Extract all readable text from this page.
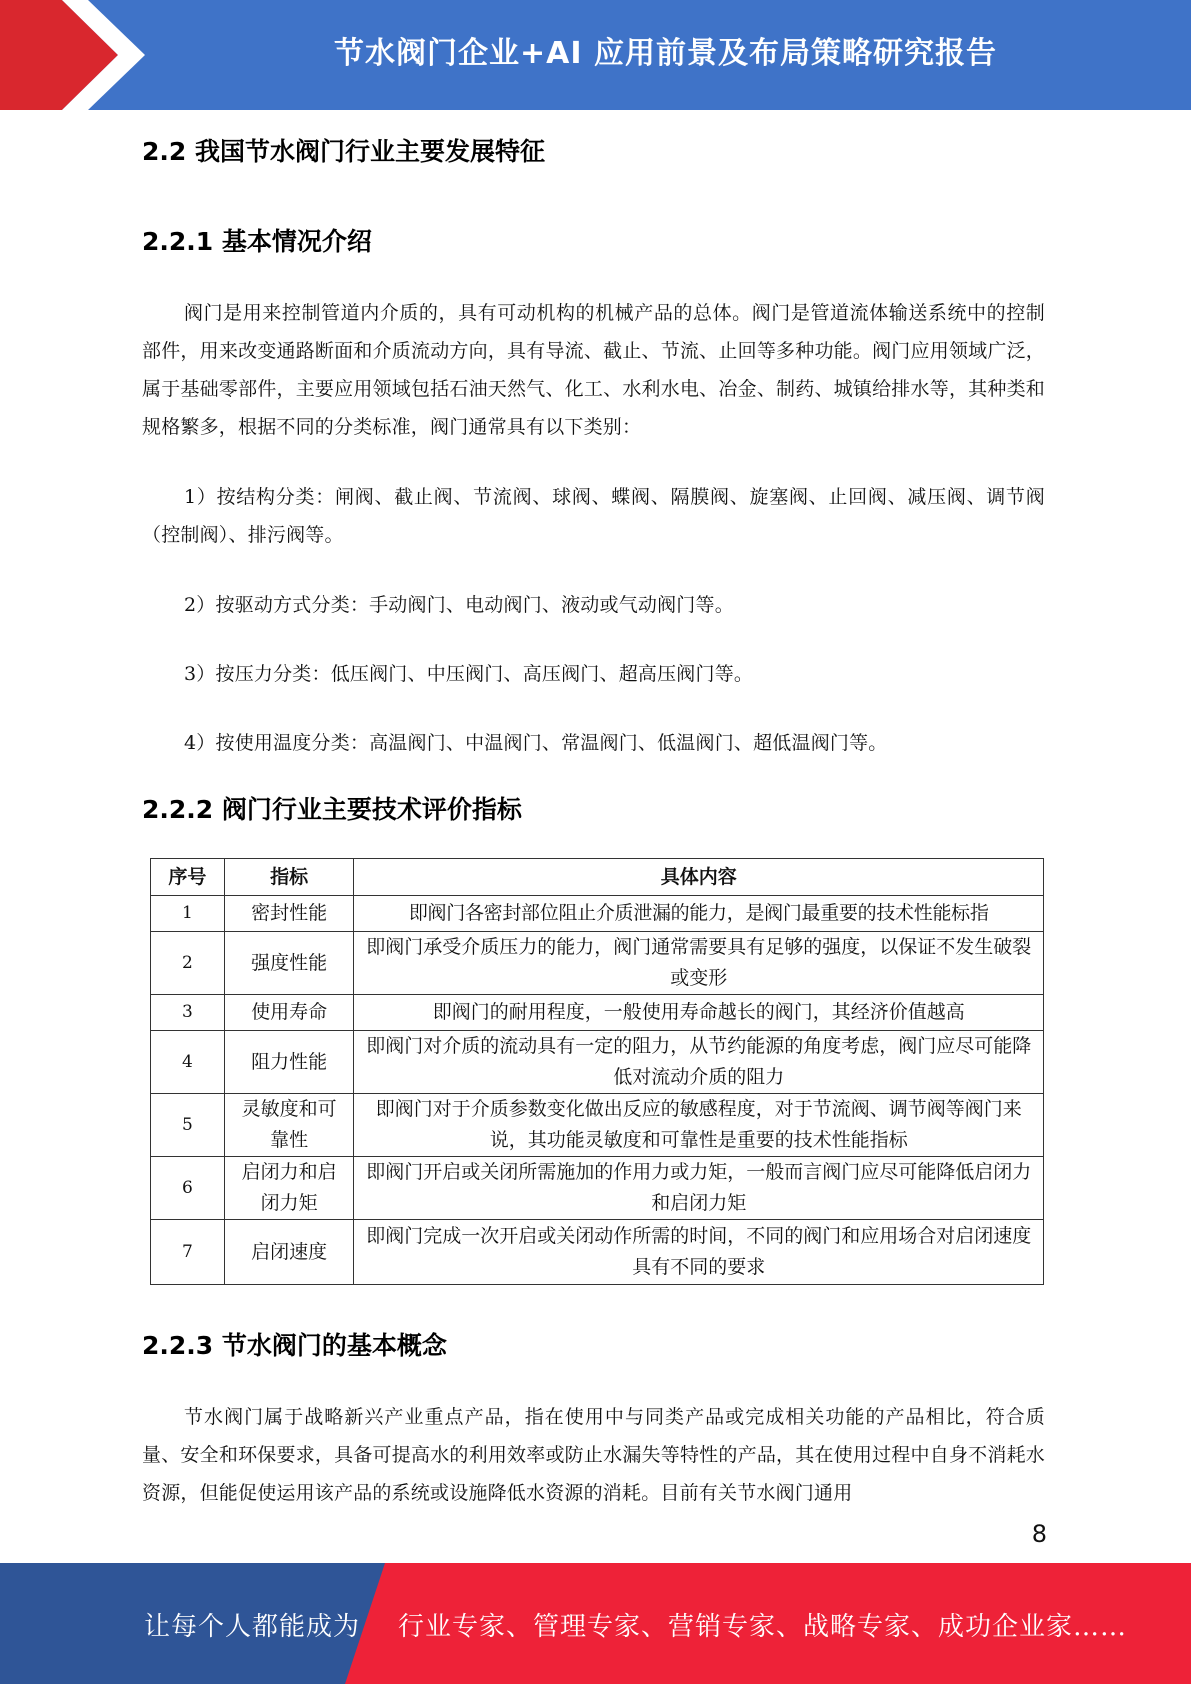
节水阀门企业+AI 应用前景及布局策略研究报告
2.2 我国节水阀门行业主要发展特征
2.2.1 基本情况介绍

阀门是用来控制管道内介质的，具有可动机构的机械产品的总体。阀门是管道流体输送系统中的控制部件，用来改变通路断面和介质流动方向，具有导流、截止、节流、止回等多种功能。阀门应用领域广泛，属于基础零部件，主要应用领域包括石油天然气、化工、水利水电、冶金、制药、城镇给排水等，其种类和规格繁多，根据不同的分类标准，阀门通常具有以下类别：

1）按结构分类：闸阀、截止阀、节流阀、球阀、蝶阀、隔膜阀、旋塞阀、止回阀、减压阀、调节阀（控制阀）、排污阀等。

2）按驱动方式分类：手动阀门、电动阀门、液动或气动阀门等。

3）按压力分类：低压阀门、中压阀门、高压阀门、超高压阀门等。

4）按使用温度分类：高温阀门、中温阀门、常温阀门、低温阀门、超低温阀门等。

2.2.2 阀门行业主要技术评价指标
序号	指标	具体内容
1	密封性能	即阀门各密封部位阻止介质泄漏的能力，是阀门最重要的技术性能标指
2	强度性能	即阀门承受介质压力的能力，阀门通常需要具有足够的强度，以保证不发生破裂或变形
3	使用寿命	即阀门的耐用程度，一般使用寿命越长的阀门，其经济价值越高
4	阻力性能	即阀门对介质的流动具有一定的阻力，从节约能源的角度考虑，阀门应尽可能降低对流动介质的阻力
5	灵敏度和可靠性	即阀门对于介质参数变化做出反应的敏感程度，对于节流阀、调节阀等阀门来说，其功能灵敏度和可靠性是重要的技术性能指标
6	启闭力和启闭力矩	即阀门开启或关闭所需施加的作用力或力矩，一般而言阀门应尽可能降低启闭力和启闭力矩
7	启闭速度	即阀门完成一次开启或关闭动作所需的时间，不同的阀门和应用场合对启闭速度具有不同的要求
2.2.3 节水阀门的基本概念

节水阀门属于战略新兴产业重点产品，指在使用中与同类产品或完成相关功能的产品相比，符合质量、安全和环保要求，具备可提高水的利用效率或防止水漏失等特性的产品，其在使用过程中自身不消耗水资源，但能促使运用该产品的系统或设施降低水资源的消耗。目前有关节水阀门通用

8
让每个人都能成为 行业专家、管理专家、营销专家、战略专家、成功企业家……
